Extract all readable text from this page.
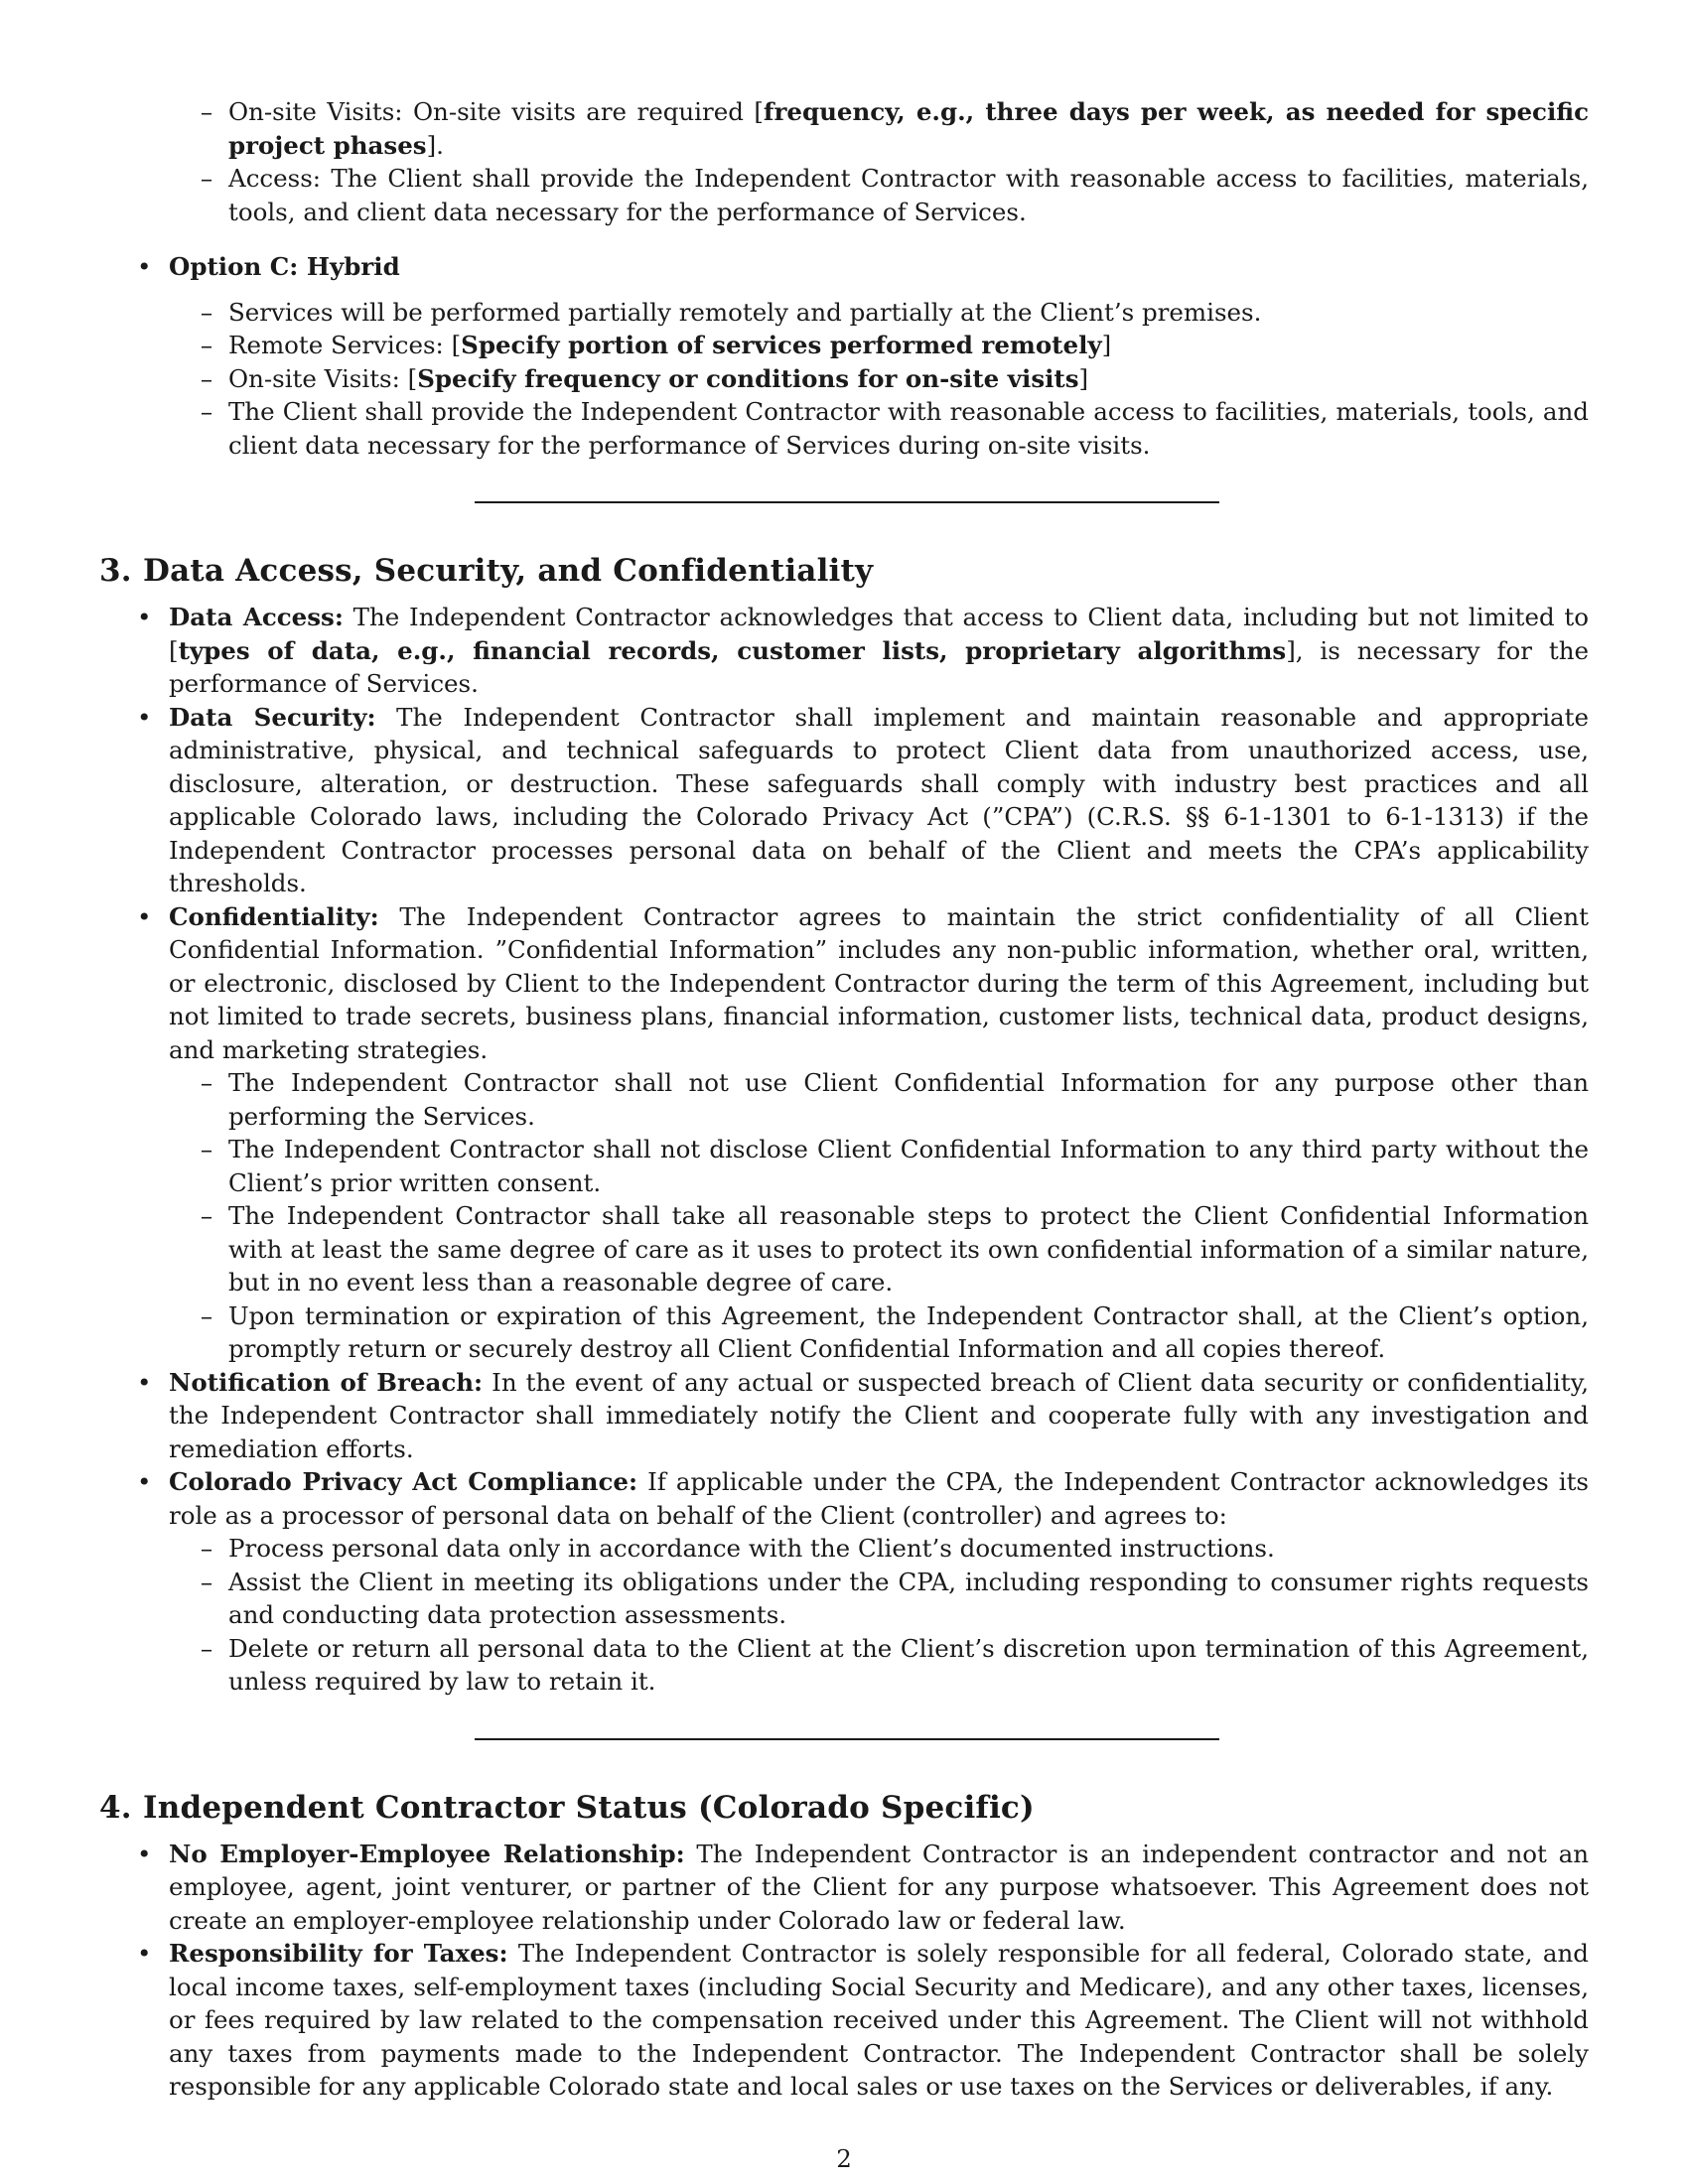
– On-site Visits: On-site visits are required [frequency, e.g., three days per week, as needed for specific project phases].
– Access: The Client shall provide the Independent Contractor with reasonable access to facilities, materials, tools, and client data necessary for the performance of Services.
• Option C: Hybrid
– Services will be performed partially remotely and partially at the Client’s premises.
– Remote Services: [Specify portion of services performed remotely]
– On-site Visits: [Specify frequency or conditions for on-site visits]
– The Client shall provide the Independent Contractor with reasonable access to facilities, materials, tools, and client data necessary for the performance of Services during on-site visits.
3. Data Access, Security, and Confidentiality
• Data Access: The Independent Contractor acknowledges that access to Client data, including but not limited to [types of data, e.g., financial records, customer lists, proprietary algorithms], is necessary for the performance of Services.
• Data Security: The Independent Contractor shall implement and maintain reasonable and appropriate administrative, physical, and technical safeguards to protect Client data from unauthorized access, use, disclosure, alteration, or destruction. These safeguards shall comply with industry best practices and all applicable Colorado laws, including the Colorado Privacy Act (”CPA”) (C.R.S. §§ 6-1-1301 to 6-1-1313) if the Independent Contractor processes personal data on behalf of the Client and meets the CPA’s applicability thresholds.
• Confidentiality: The Independent Contractor agrees to maintain the strict confidentiality of all Client Confidential Information. ”Confidential Information” includes any non-public information, whether oral, written, or electronic, disclosed by Client to the Independent Contractor during the term of this Agreement, including but not limited to trade secrets, business plans, financial information, customer lists, technical data, product designs, and marketing strategies.
– The Independent Contractor shall not use Client Confidential Information for any purpose other than performing the Services.
– The Independent Contractor shall not disclose Client Confidential Information to any third party without the Client’s prior written consent.
– The Independent Contractor shall take all reasonable steps to protect the Client Confidential Information with at least the same degree of care as it uses to protect its own confidential information of a similar nature, but in no event less than a reasonable degree of care.
– Upon termination or expiration of this Agreement, the Independent Contractor shall, at the Client’s option, promptly return or securely destroy all Client Confidential Information and all copies thereof.
• Notification of Breach: In the event of any actual or suspected breach of Client data security or confidentiality, the Independent Contractor shall immediately notify the Client and cooperate fully with any investigation and remediation efforts.
• Colorado Privacy Act Compliance: If applicable under the CPA, the Independent Contractor acknowledges its role as a processor of personal data on behalf of the Client (controller) and agrees to:
– Process personal data only in accordance with the Client’s documented instructions.
– Assist the Client in meeting its obligations under the CPA, including responding to consumer rights requests and conducting data protection assessments.
– Delete or return all personal data to the Client at the Client’s discretion upon termination of this Agreement, unless required by law to retain it.
4. Independent Contractor Status (Colorado Specific)
• No Employer-Employee Relationship: The Independent Contractor is an independent contractor and not an employee, agent, joint venturer, or partner of the Client for any purpose whatsoever. This Agreement does not create an employer-employee relationship under Colorado law or federal law.
• Responsibility for Taxes: The Independent Contractor is solely responsible for all federal, Colorado state, and local income taxes, self-employment taxes (including Social Security and Medicare), and any other taxes, licenses, or fees required by law related to the compensation received under this Agreement. The Client will not withhold any taxes from payments made to the Independent Contractor. The Independent Contractor shall be solely responsible for any applicable Colorado state and local sales or use taxes on the Services or deliverables, if any.
2
